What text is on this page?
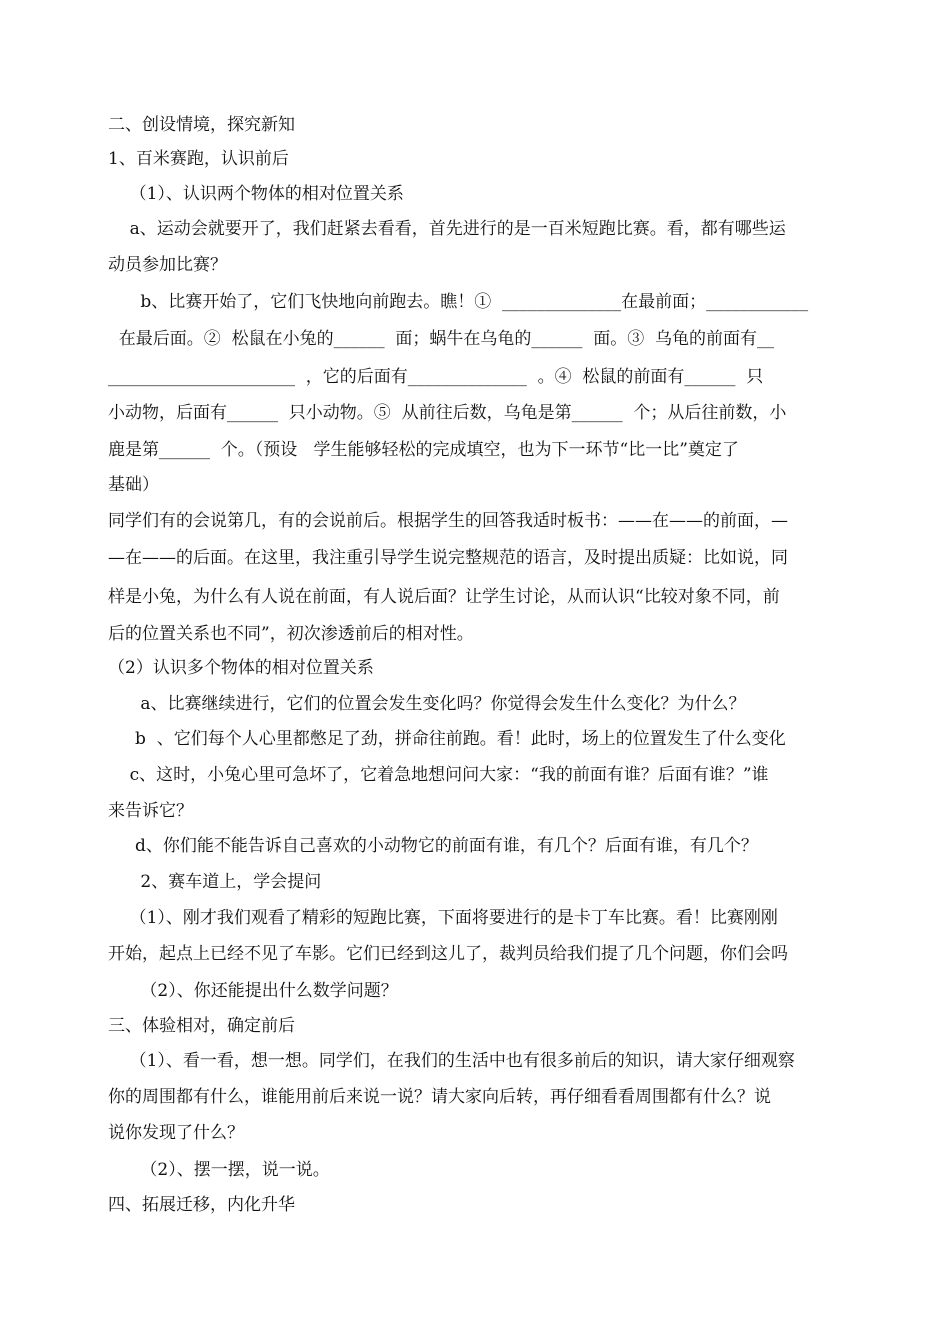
二、创设情境，探究新知
1、百米赛跑，认识前后
（1）、认识两个物体的相对位置关系
a、运动会就要开了，我们赶紧去看看，首先进行的是一百米短跑比赛。看，都有哪些运
动员参加比赛？
b、比赛开始了，它们飞快地向前跑去。瞧！①  ______________在最前面；____________
在最后面。②  松鼠在小兔的______  面；蜗牛在乌龟的______  面。③  乌龟的前面有__
______________________  ，它的后面有______________  。④  松鼠的前面有______  只
小动物，后面有______  只小动物。⑤  从前往后数，乌龟是第______  个；从后往前数，小
鹿是第______  个。（预设   学生能够轻松的完成填空，也为下一环节“比一比”奠定了
基础）
同学们有的会说第几，有的会说前后。根据学生的回答我适时板书：——在——的前面，—
—在——的后面。在这里，我注重引导学生说完整规范的语言，及时提出质疑：比如说，同
样是小兔，为什么有人说在前面，有人说后面？让学生讨论，从而认识“比较对象不同，前
后的位置关系也不同”，初次渗透前后的相对性。
（2）认识多个物体的相对位置关系
a、比赛继续进行，它们的位置会发生变化吗？你觉得会发生什么变化？为什么？
b  、它们每个人心里都憋足了劲，拼命往前跑。看！此时，场上的位置发生了什么变化
c、这时，小兔心里可急坏了，它着急地想问问大家：“我的前面有谁？后面有谁？”谁
来告诉它？
d、你们能不能告诉自己喜欢的小动物它的前面有谁，有几个？后面有谁，有几个？
2、赛车道上，学会提问
（1）、刚才我们观看了精彩的短跑比赛，下面将要进行的是卡丁车比赛。看！比赛刚刚
开始，起点上已经不见了车影。它们已经到这儿了，裁判员给我们提了几个问题，你们会吗
（2）、你还能提出什么数学问题？
三、体验相对，确定前后
（1）、看一看，想一想。同学们，在我们的生活中也有很多前后的知识，请大家仔细观察
你的周围都有什么，谁能用前后来说一说？请大家向后转，再仔细看看周围都有什么？说
说你发现了什么？
（2）、摆一摆，说一说。
四、拓展迁移，内化升华
